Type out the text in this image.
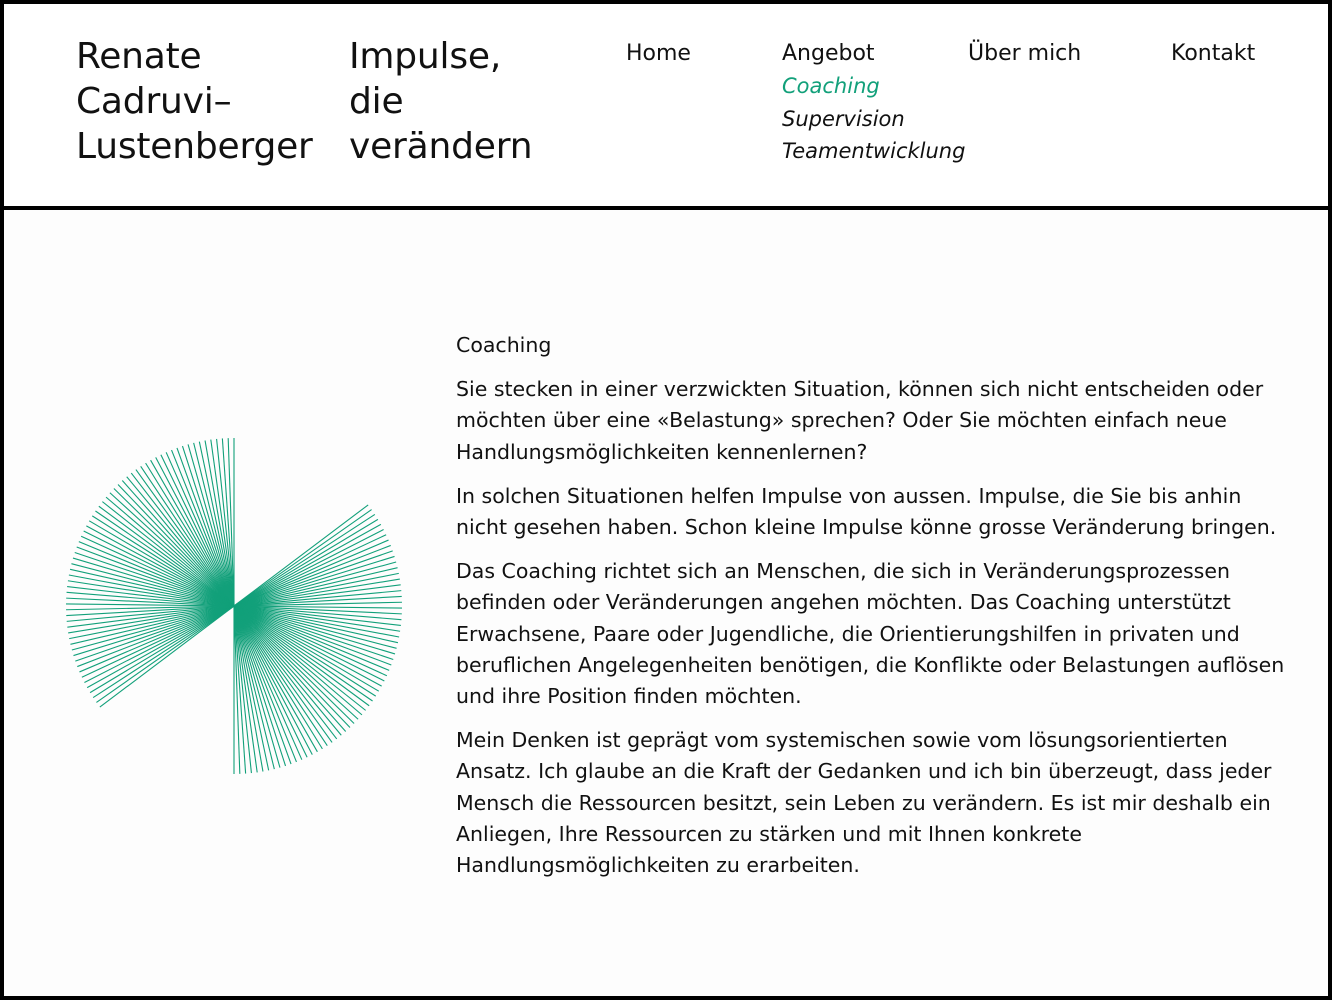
Renate
Cadruvi–
Lustenberger
Impulse,
die
verändern
Home	Angebot	Über mich	Kontakt
Coaching
Supervision
Teamentwicklung
Coaching

Sie stecken in einer verzwickten Situation, können sich nicht entscheiden oder möchten über eine «Belastung» sprechen? Oder Sie möchten einfach neue Handlungsmöglichkeiten kennenlernen?

In solchen Situationen helfen Impulse von aussen. Impulse, die Sie bis anhin nicht gesehen haben. Schon kleine Impulse könne grosse Veränderung bringen.

Das Coaching richtet sich an Menschen, die sich in Veränderungsprozessen befinden oder Veränderungen angehen möchten. Das Coaching unterstützt Erwachsene, Paare oder Jugendliche, die Orientierungshilfen in privaten und beruflichen Angelegenheiten benötigen, die Konflikte oder Belastungen auflösen und ihre Position finden möchten.

Mein Denken ist geprägt vom systemischen sowie vom lösungsorientierten Ansatz. Ich glaube an die Kraft der Gedanken und ich bin überzeugt, dass jeder Mensch die Ressourcen besitzt, sein Leben zu verändern. Es ist mir deshalb ein Anliegen, Ihre Ressourcen zu stärken und mit Ihnen konkrete Handlungsmöglichkeiten zu erarbeiten.
